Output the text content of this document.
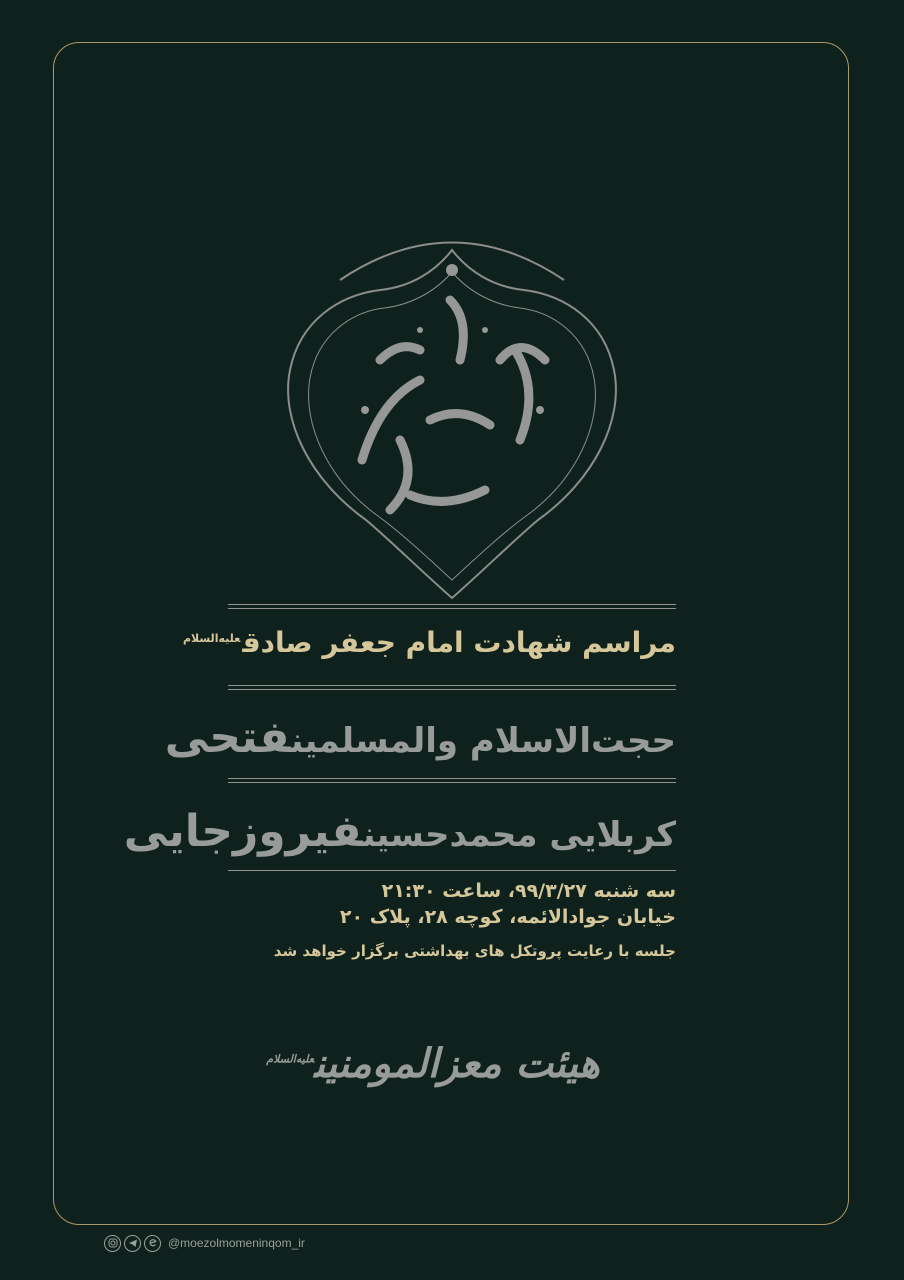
مراسم شهادت امام جعفر صادق$^{علیه‌السلام}$
حجت‌الاسلام والمسلمینفتحی
کربلایی محمدحسینفیروزجایی
سه شنبه ۹۹/۳/۲۷، ساعت ۲۱:۳۰
خیابان جوادالائمه، کوچه ۲۸، پلاک ۲۰
جلسه با رعایت پروتکل های بهداشتی برگزار خواهد شد
هیئت معزالمومنین$^{علیه‌السلام}$
@moezolmomeninqom_ir
